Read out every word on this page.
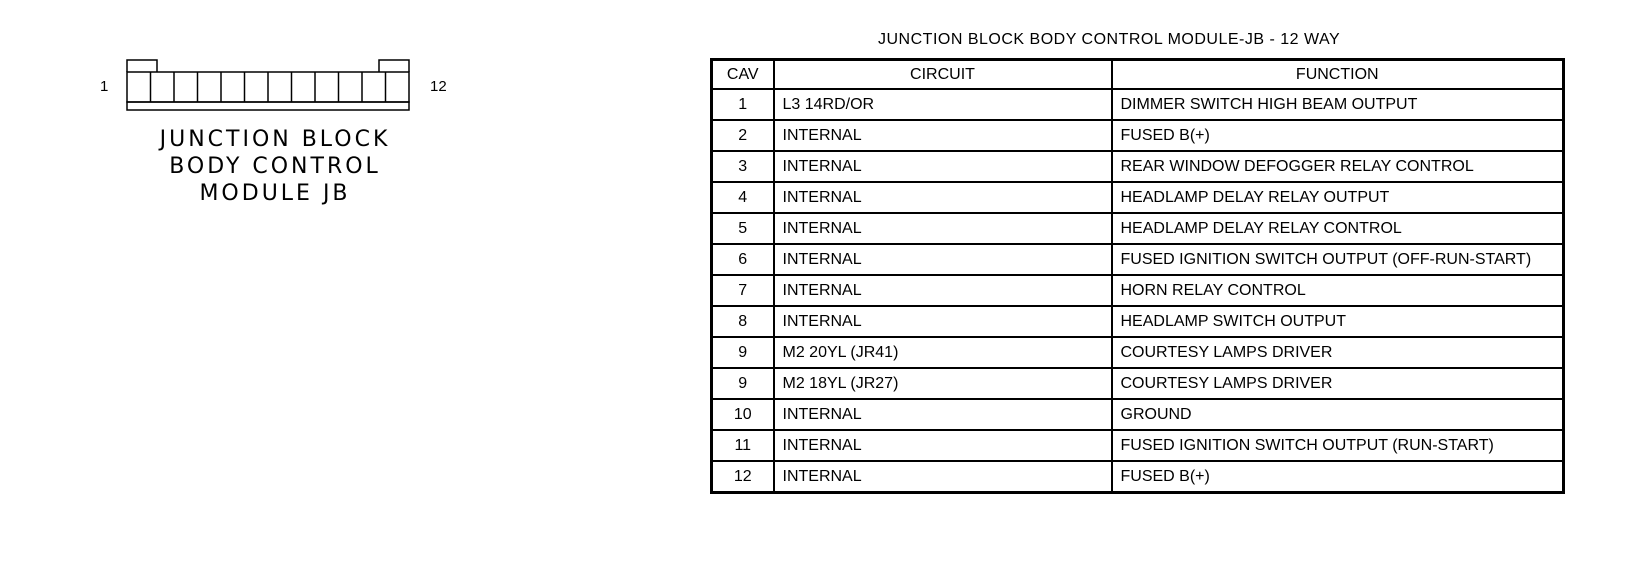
1	12
JUNCTION BLOCK
BODY CONTROL
MODULE JB
JUNCTION BLOCK BODY CONTROL MODULE-JB - 12 WAY
CAV	CIRCUIT	FUNCTION
1	L3 14RD/OR	DIMMER SWITCH HIGH BEAM OUTPUT
2	INTERNAL	FUSED B(+)
3	INTERNAL	REAR WINDOW DEFOGGER RELAY CONTROL
4	INTERNAL	HEADLAMP DELAY RELAY OUTPUT
5	INTERNAL	HEADLAMP DELAY RELAY CONTROL
6	INTERNAL	FUSED IGNITION SWITCH OUTPUT (OFF-RUN-START)
7	INTERNAL	HORN RELAY CONTROL
8	INTERNAL	HEADLAMP SWITCH OUTPUT
9	M2 20YL (JR41)	COURTESY LAMPS DRIVER
9	M2 18YL (JR27)	COURTESY LAMPS DRIVER
10	INTERNAL	GROUND
11	INTERNAL	FUSED IGNITION SWITCH OUTPUT (RUN-START)
12	INTERNAL	FUSED B(+)
